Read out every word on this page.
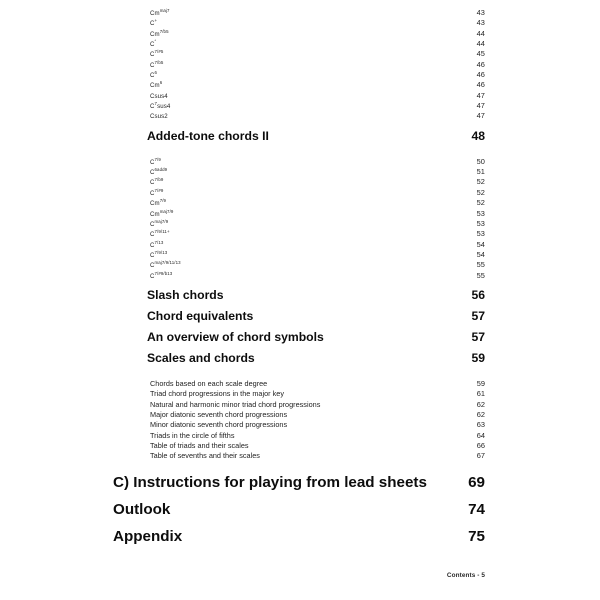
$Cm^{maj7}$	43
C+	43
$Cm^{7/b5}$	44
C°	44
$C^{7/\#5}$	45
$C^{7/b5}$	46
$C^6$	46
Cm$^6$	46
Csus4	47
$C^7sus4$	47
Csus2	47
Added-tone chords II	48
$C^{7/9}$	50
$C^{6add9}$	51
$C^{7/b9}$	52
$C^{7/\#9}$	52
$Cm^{7/9}$	52
$Cm^{maj7/9}$	53
$C^{maj7/9}$	53
$C^{7/9/11+}$	53
$C^{7/13}$	54
$C^{7/9/13}$	54
$C^{maj7/9/11/13}$	55
$C^{7/\#9/b13}$	55
Slash chords	56
Chord equivalents	57
An overview of chord symbols	57
Scales and chords	59
Chords based on each scale degree	59
Triad chord progressions in the major key	61
Natural and harmonic minor triad chord progressions	62
Major diatonic seventh chord progressions	62
Minor diatonic seventh chord progressions	63
Triads in the circle of fifths	64
Table of triads and their scales	66
Table of sevenths and their scales	67
C) Instructions for playing from lead sheets	69
Outlook	74
Appendix	75
Contents - 5
